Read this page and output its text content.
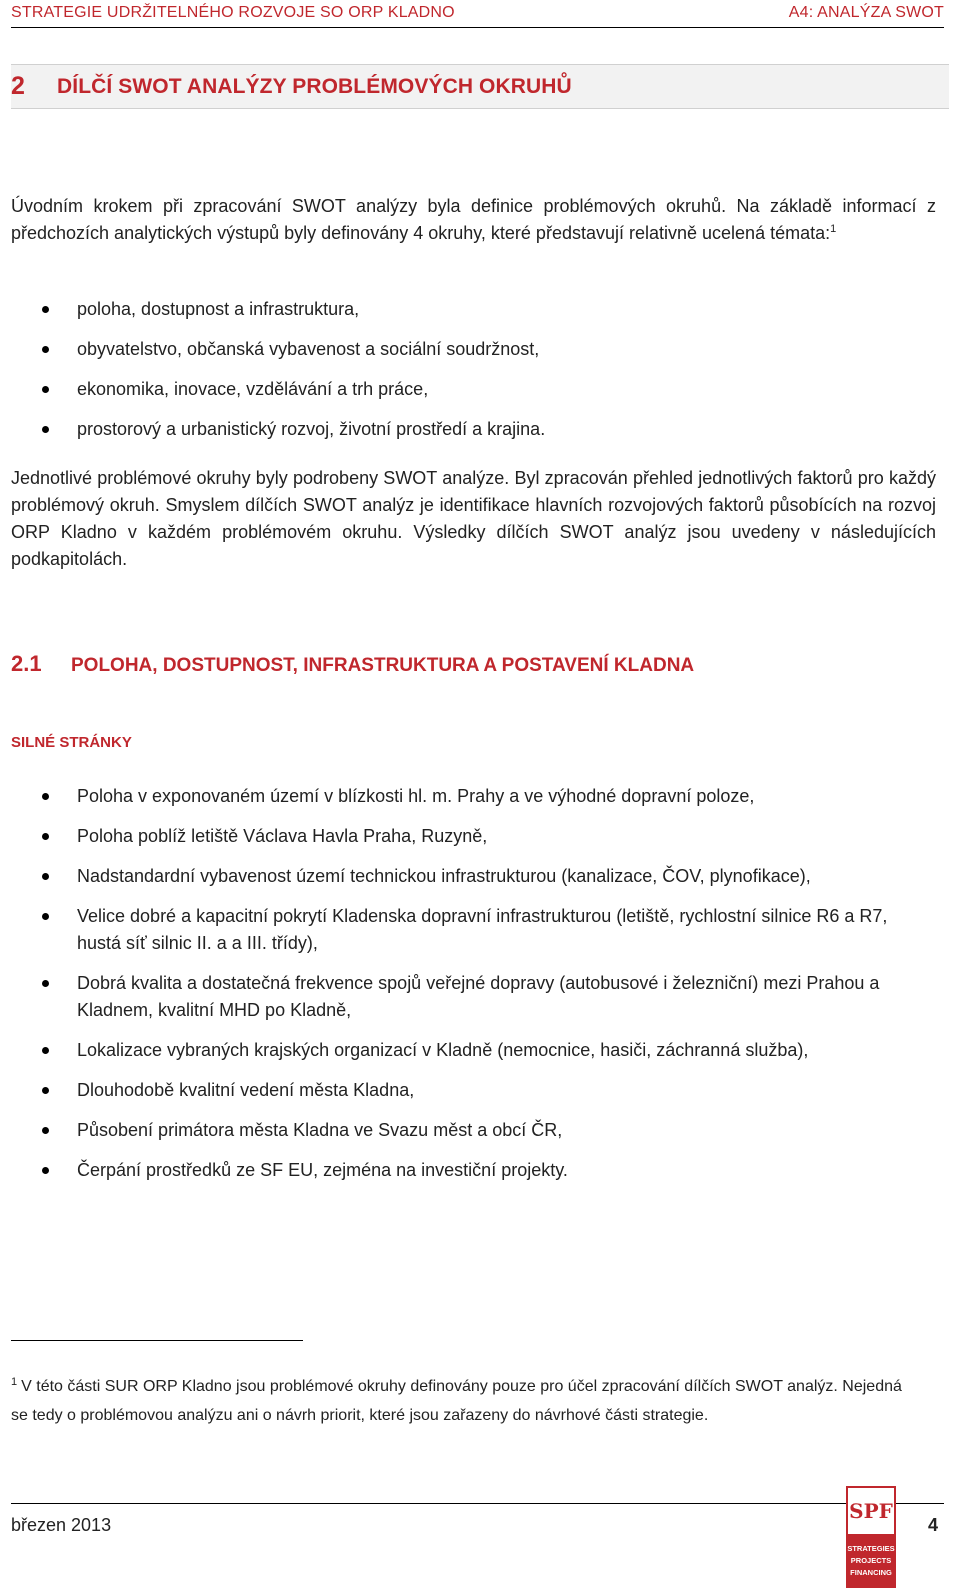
STRATEGIE UDRŽITELNÉHO ROZVOJE SO ORP KLADNO	A4: ANALÝZA SWOT
2	DÍLČÍ SWOT ANALÝZY PROBLÉMOVÝCH OKRUHŮ

Úvodním krokem při zpracování SWOT analýzy byla definice problémových okruhů. Na základě informací z předchozích analytických výstupů byly definovány 4 okruhy, které představují relativně ucelená témata:$^1$

poloha, dostupnost a infrastruktura,
obyvatelstvo, občanská vybavenost a sociální soudržnost,
ekonomika, inovace, vzdělávání a trh práce,
prostorový a urbanistický rozvoj, životní prostředí a krajina.

Jednotlivé problémové okruhy byly podrobeny SWOT analýze. Byl zpracován přehled jednotlivých faktorů pro každý problémový okruh. Smyslem dílčích SWOT analýz je identifikace hlavních rozvojových faktorů působících na rozvoj ORP Kladno v každém problémovém okruhu. Výsledky dílčích SWOT analýz jsou uvedeny v následujících podkapitolách.

2.1	POLOHA, DOSTUPNOST, INFRASTRUKTURA A POSTAVENÍ KLADNA
SILNÉ STRÁNKY
Poloha v exponovaném území v blízkosti hl. m. Prahy a ve výhodné dopravní poloze,
Poloha poblíž letiště Václava Havla Praha, Ruzyně,
Nadstandardní vybavenost území technickou infrastrukturou (kanalizace, ČOV, plynofikace),
Velice dobré a kapacitní pokrytí Kladenska dopravní infrastrukturou (letiště, rychlostní silnice R6 a R7, hustá síť silnic II. a a III. třídy),
Dobrá kvalita a dostatečná frekvence spojů veřejné dopravy (autobusové i železniční) mezi Prahou a Kladnem, kvalitní MHD po Kladně,
Lokalizace vybraných krajských organizací v Kladně (nemocnice, hasiči, záchranná služba),
Dlouhodobě kvalitní vedení města Kladna,
Působení primátora města Kladna ve Svazu měst a obcí ČR,
Čerpání prostředků ze SF EU, zejména na investiční projekty.

$^1$ V této části SUR ORP Kladno jsou problémové okruhy definovány pouze pro účel zpracování dílčích SWOT analýz. Nejedná se tedy o problémovou analýzu ani o návrh priorit, které jsou zařazeny do návrhové části strategie.

březen 2013	4
SPF
STRATEGIES
PROJECTS
FINANCING
